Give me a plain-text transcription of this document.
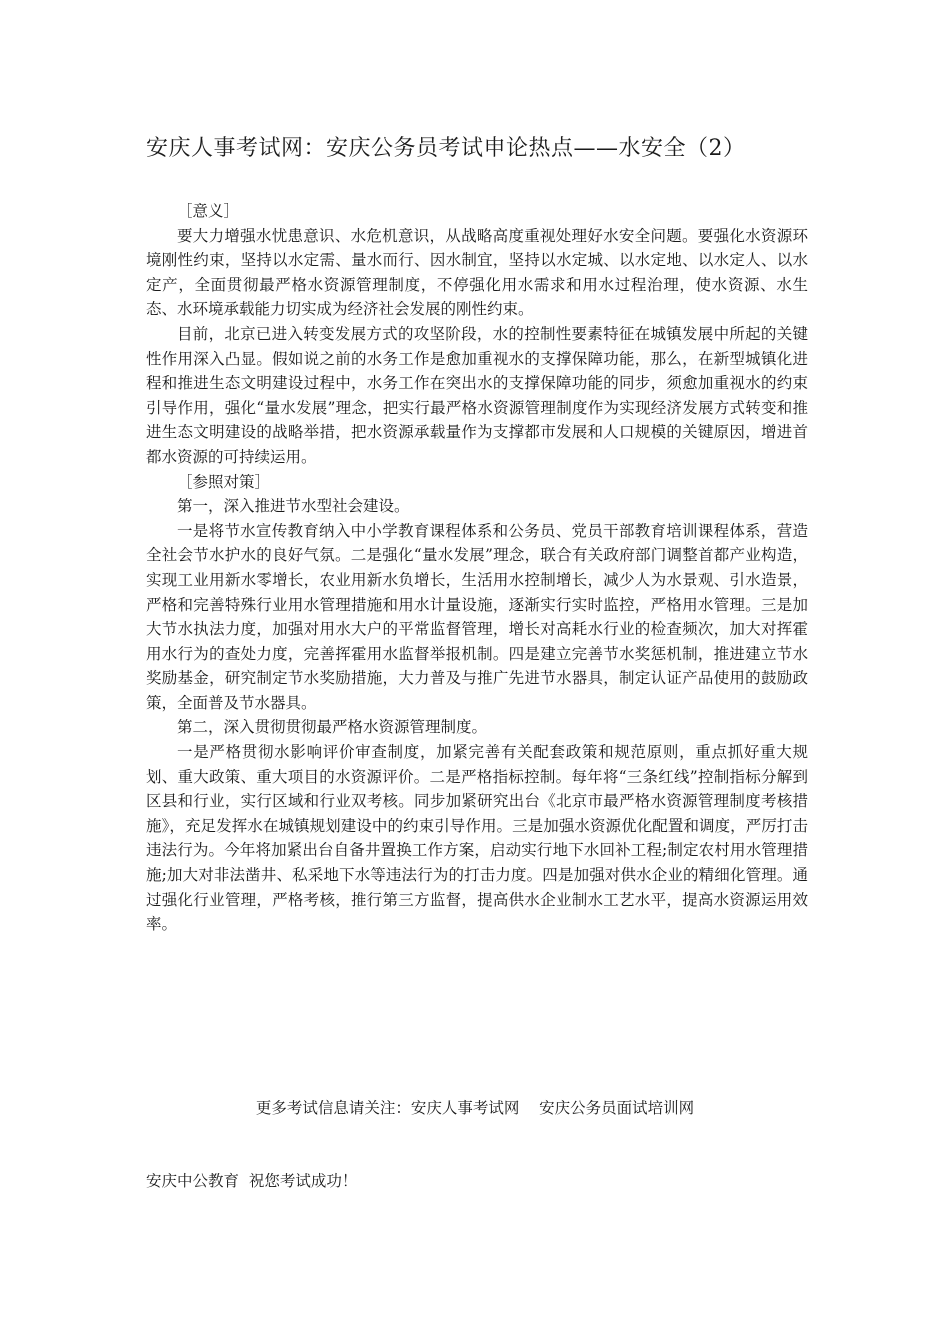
安庆人事考试网：安庆公务员考试申论热点——水安全（2）

［意义］

要大力增强水忧患意识、水危机意识，从战略高度重视处理好水安全问题。要强化水资源环境刚性约束，坚持以水定需、量水而行、因水制宜，坚持以水定城、以水定地、以水定人、以水定产，全面贯彻最严格水资源管理制度，不停强化用水需求和用水过程治理，使水资源、水生态、水环境承载能力切实成为经济社会发展的刚性约束。

目前，北京已进入转变发展方式的攻坚阶段，水的控制性要素特征在城镇发展中所起的关键性作用深入凸显。假如说之前的水务工作是愈加重视水的支撑保障功能，那么，在新型城镇化进程和推进生态文明建设过程中，水务工作在突出水的支撑保障功能的同步，须愈加重视水的约束引导作用，强化“量水发展”理念，把实行最严格水资源管理制度作为实现经济发展方式转变和推进生态文明建设的战略举措，把水资源承载量作为支撑都市发展和人口规模的关键原因，增进首都水资源的可持续运用。

［参照对策］

第一，深入推进节水型社会建设。

一是将节水宣传教育纳入中小学教育课程体系和公务员、党员干部教育培训课程体系，营造全社会节水护水的良好气氛。二是强化“量水发展”理念，联合有关政府部门调整首都产业构造，实现工业用新水零增长，农业用新水负增长，生活用水控制增长，减少人为水景观、引水造景，严格和完善特殊行业用水管理措施和用水计量设施，逐渐实行实时监控，严格用水管理。三是加大节水执法力度，加强对用水大户的平常监督管理，增长对高耗水行业的检查频次，加大对挥霍用水行为的查处力度，完善挥霍用水监督举报机制。四是建立完善节水奖惩机制，推进建立节水奖励基金，研究制定节水奖励措施，大力普及与推广先进节水器具，制定认证产品使用的鼓励政策，全面普及节水器具。

第二，深入贯彻贯彻最严格水资源管理制度。

一是严格贯彻水影响评价审查制度，加紧完善有关配套政策和规范原则，重点抓好重大规划、重大政策、重大项目的水资源评价。二是严格指标控制。每年将“三条红线”控制指标分解到区县和行业，实行区域和行业双考核。同步加紧研究出台《北京市最严格水资源管理制度考核措施》，充足发挥水在城镇规划建设中的约束引导作用。三是加强水资源优化配置和调度，严厉打击违法行为。今年将加紧出台自备井置换工作方案，启动实行地下水回补工程;制定农村用水管理措施;加大对非法凿井、私采地下水等违法行为的打击力度。四是加强对供水企业的精细化管理。通过强化行业管理，严格考核，推行第三方监督，提高供水企业制水工艺水平，提高水资源运用效率。

更多考试信息请关注：安庆人事考试网    安庆公务员面试培训网
安庆中公教育  祝您考试成功！
